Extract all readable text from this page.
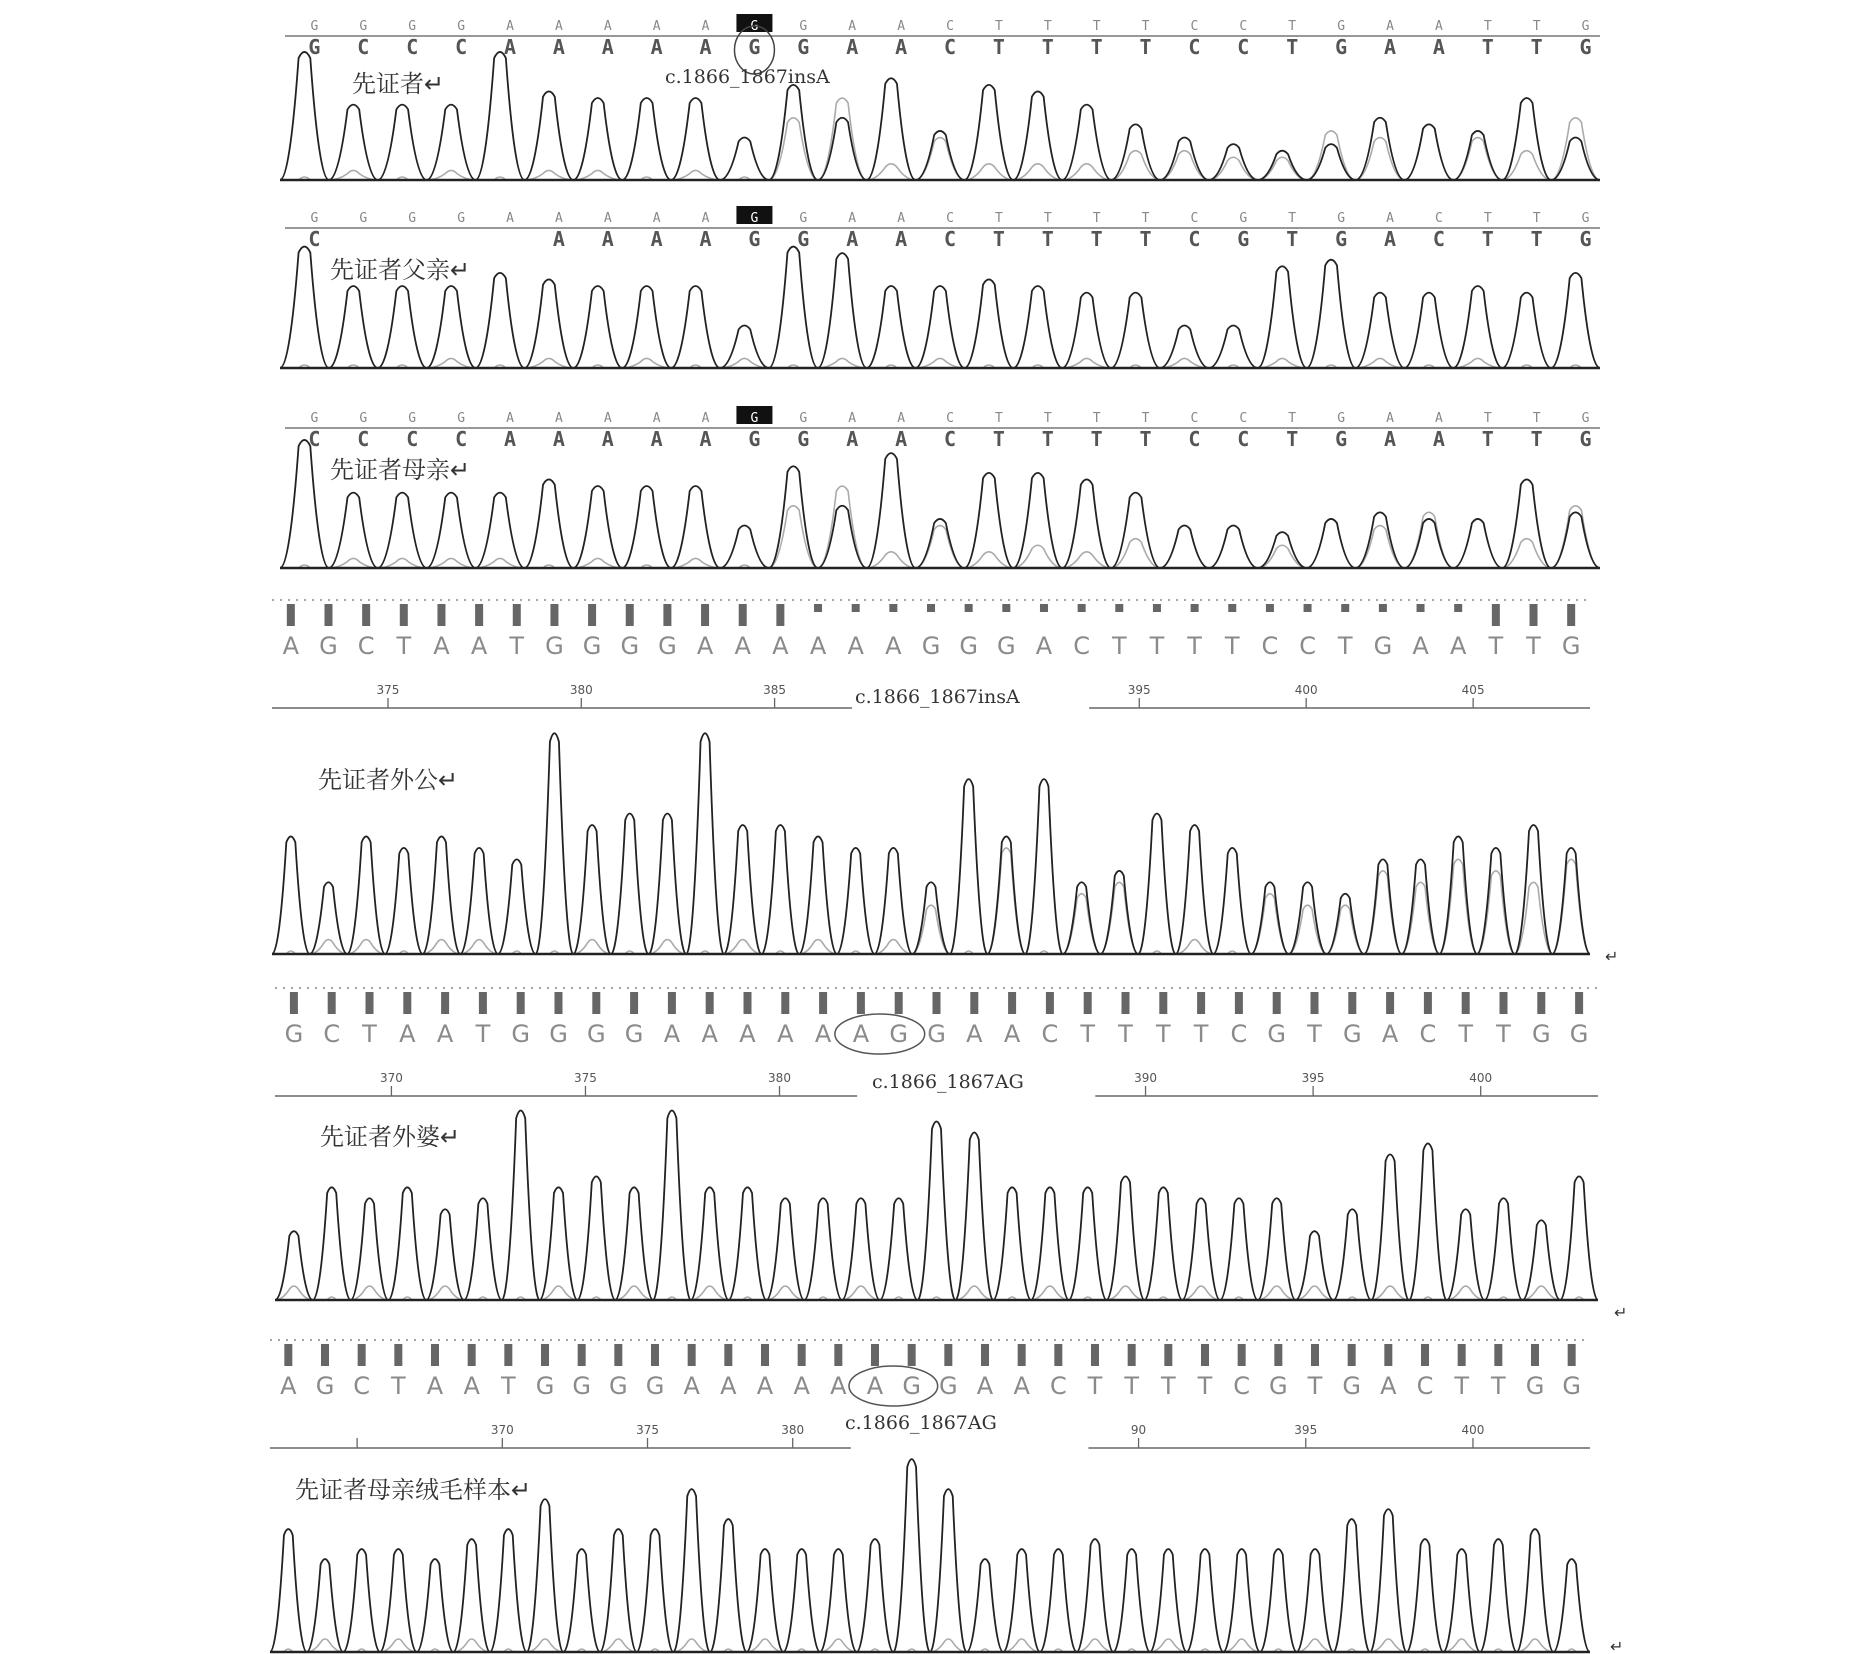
G
G
G
C
G
C
G
C
A
A
A
A
A
A
A
A
A
A
G
G
G
G
A
A
A
A
C
C
T
T
T
T
T
T
T
T
C
C
C
C
T
T
G
G
A
A
A
A
T
T
T
T
G
G
先证者↵	c.1866_1867insA
G
C
G	G	G	A	A
A
A
A
A
A
A
A
G
G
G
G
A
A
A
A
C
C
T
T
T
T
T
T
T
T
C
C
G
G
T
T
G
G
A
A
C
C
T
T
T
T
G
G
先证者父亲↵
G
C
G
C
G
C
G
C
A
A
A
A
A
A
A
A
A
A
G
G
G
G
A
A
A
A
C
C
T
T
T
T
T
T
T
T
C
C
C
C
T
T
G
G
A
A
A
A
T
T
T
T
G
G
先证者母亲↵
A G C T A A T G G G G A A A A A A G G G A C T T T T C C T G A A T T G
375	380	385	395	400	405
c.1866_1867insA
先证者外公↵
G C T A A T G G G G A A A A A A G G A A C T T T T C G T G A C T T G G
370	375	380	390	395	400
c.1866_1867AG
先证者外婆↵
A G C T A A T G G G G A A A A A A G G A A C T T T T C G T G A C T T G G
370	375	380	90	395	400
c.1866_1867AG
先证者母亲绒毛样本↵
↵
↵
↵
